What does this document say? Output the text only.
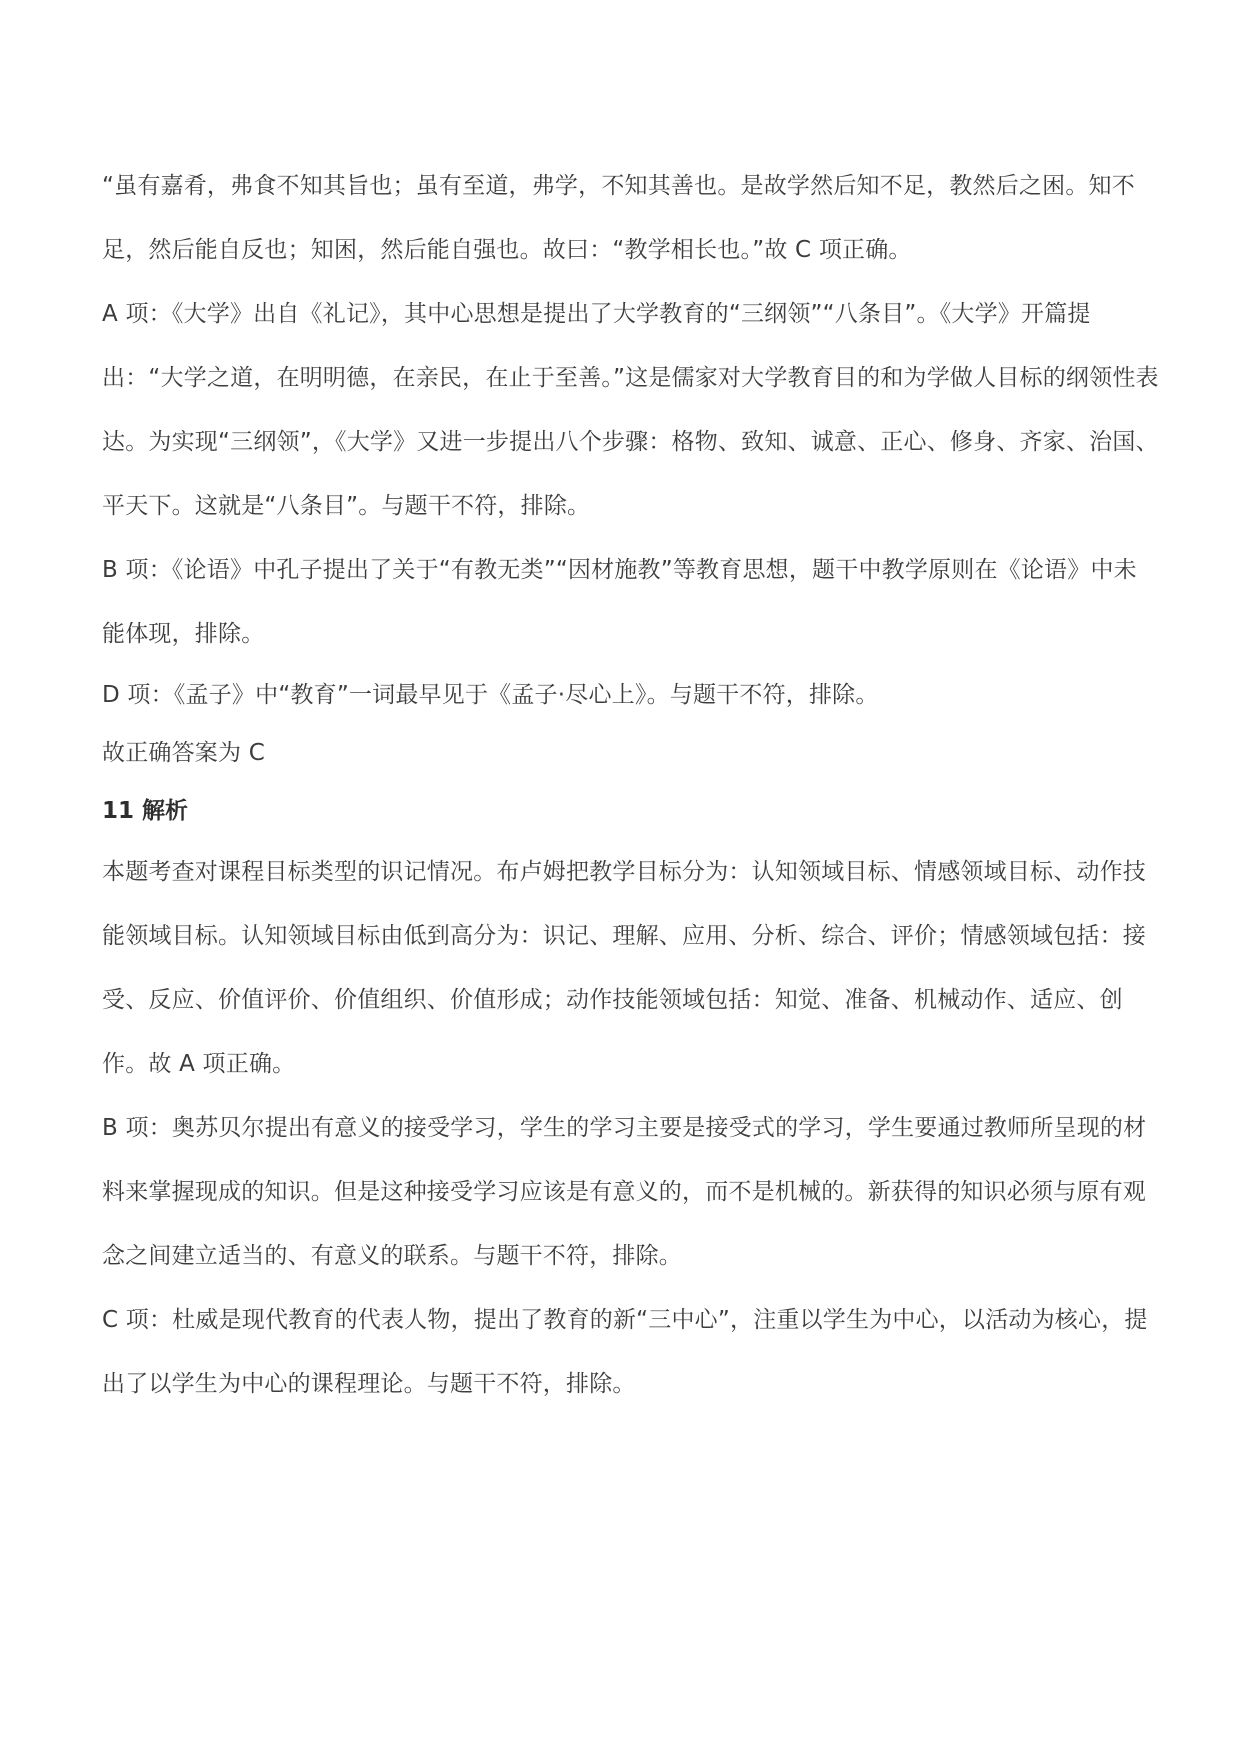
“虽有嘉肴，弗食不知其旨也；虽有至道，弗学，不知其善也。是故学然后知不足，教然后之困。知不足，然后能自反也；知困，然后能自强也。故曰：“教学相长也。”故 C 项正确。

A 项：《大学》出自《礼记》，其中心思想是提出了大学教育的“三纲领”“八条目”。《大学》开篇提出：“大学之道，在明明德，在亲民，在止于至善。”这是儒家对大学教育目的和为学做人目标的纲领性表达。为实现“三纲领”，《大学》又进一步提出八个步骤：格物、致知、诚意、正心、修身、齐家、治国、平天下。这就是“八条目”。与题干不符，排除。

B 项：《论语》中孔子提出了关于“有教无类”“因材施教”等教育思想，题干中教学原则在《论语》中未能体现，排除。

D 项：《孟子》中“教育”一词最早见于《孟子·尽心上》。与题干不符，排除。

故正确答案为 C

11 解析

本题考查对课程目标类型的识记情况。布卢姆把教学目标分为：认知领域目标、情感领域目标、动作技能领域目标。认知领域目标由低到高分为：识记、理解、应用、分析、综合、评价；情感领域包括：接受、反应、价值评价、价值组织、价值形成；动作技能领域包括：知觉、准备、机械动作、适应、创作。故 A 项正确。

B 项：奥苏贝尔提出有意义的接受学习，学生的学习主要是接受式的学习，学生要通过教师所呈现的材料来掌握现成的知识。但是这种接受学习应该是有意义的，而不是机械的。新获得的知识必须与原有观念之间建立适当的、有意义的联系。与题干不符，排除。

C 项：杜威是现代教育的代表人物，提出了教育的新“三中心”，注重以学生为中心，以活动为核心，提出了以学生为中心的课程理论。与题干不符，排除。
